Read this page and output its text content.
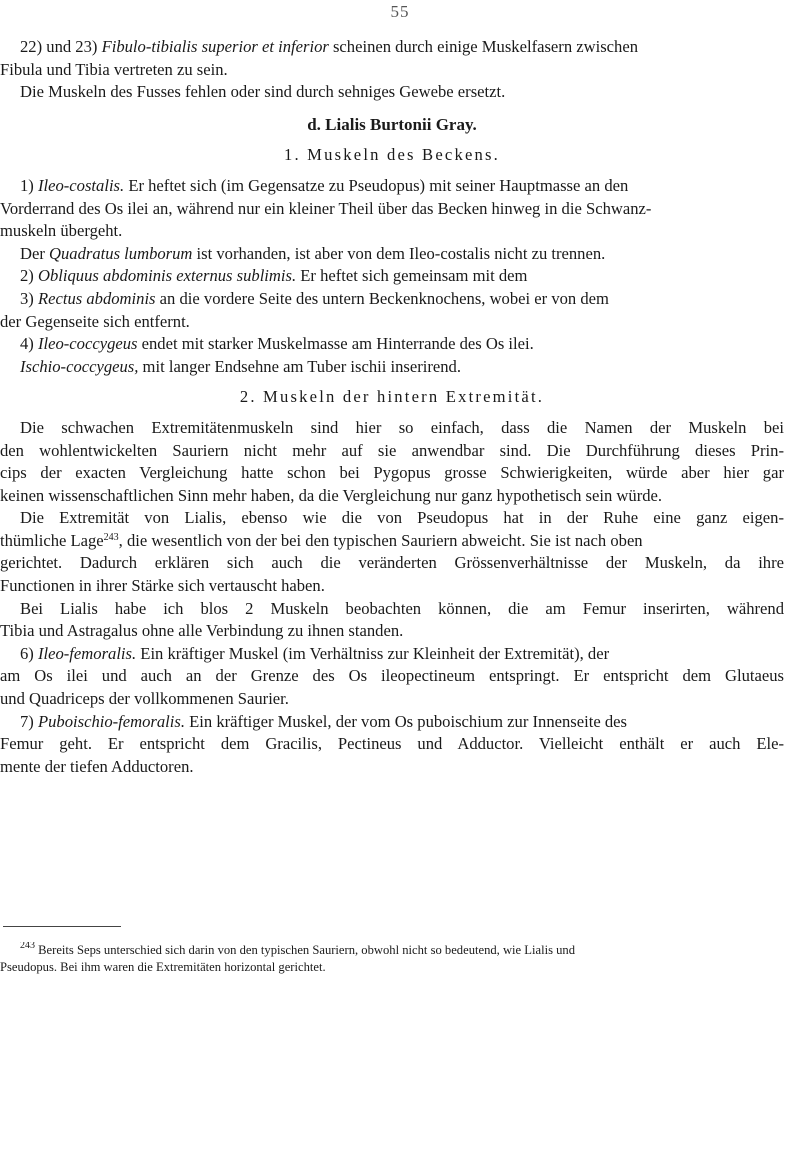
55
22) und 23) Fibulo-tibialis superior et inferior scheinen durch einige Muskelfasern zwischen
Fibula und Tibia vertreten zu sein.
Die Muskeln des Fusses fehlen oder sind durch sehniges Gewebe ersetzt.
d. Lialis Burtonii Gray.
1. Muskeln des Beckens.
1) Ileo-costalis. Er heftet sich (im Gegensatze zu Pseudopus) mit seiner Hauptmasse an den
Vorderrand des Os ilei an, während nur ein kleiner Theil über das Becken hinweg in die Schwanz-
muskeln übergeht.
Der Quadratus lumborum ist vorhanden, ist aber von dem Ileo-costalis nicht zu trennen.
2) Obliquus abdominis externus sublimis. Er heftet sich gemeinsam mit dem
3) Rectus abdominis an die vordere Seite des untern Beckenknochens, wobei er von dem
der Gegenseite sich entfernt.
4) Ileo-coccygeus endet mit starker Muskelmasse am Hinterrande des Os ilei.
Ischio-coccygeus, mit langer Endsehne am Tuber ischii inserirend.
2. Muskeln der hintern Extremität.
Die schwachen Extremitätenmuskeln sind hier so einfach, dass die Namen der Muskeln bei
den wohlentwickelten Sauriern nicht mehr auf sie anwendbar sind. Die Durchführung dieses Prin-
cips der exacten Vergleichung hatte schon bei Pygopus grosse Schwierigkeiten, würde aber hier gar
keinen wissenschaftlichen Sinn mehr haben, da die Vergleichung nur ganz hypothetisch sein würde.
Die Extremität von Lialis, ebenso wie die von Pseudopus hat in der Ruhe eine ganz eigen-
thümliche Lage$^{243}$, die wesentlich von der bei den typischen Sauriern abweicht. Sie ist nach oben
gerichtet. Dadurch erklären sich auch die veränderten Grössenverhältnisse der Muskeln, da ihre
Functionen in ihrer Stärke sich vertauscht haben.
Bei Lialis habe ich blos 2 Muskeln beobachten können, die am Femur inserirten, während
Tibia und Astragalus ohne alle Verbindung zu ihnen standen.
6) Ileo-femoralis. Ein kräftiger Muskel (im Verhältniss zur Kleinheit der Extremität), der
am Os ilei und auch an der Grenze des Os ileopectineum entspringt. Er entspricht dem Glutaeus
und Quadriceps der vollkommenen Saurier.
7) Puboischio-femoralis. Ein kräftiger Muskel, der vom Os puboischium zur Innenseite des
Femur geht. Er entspricht dem Gracilis, Pectineus und Adductor. Vielleicht enthält er auch Ele-
mente der tiefen Adductoren.
$^{243}$ Bereits Seps unterschied sich darin von den typischen Sauriern, obwohl nicht so bedeutend, wie Lialis und
Pseudopus. Bei ihm waren die Extremitäten horizontal gerichtet.
